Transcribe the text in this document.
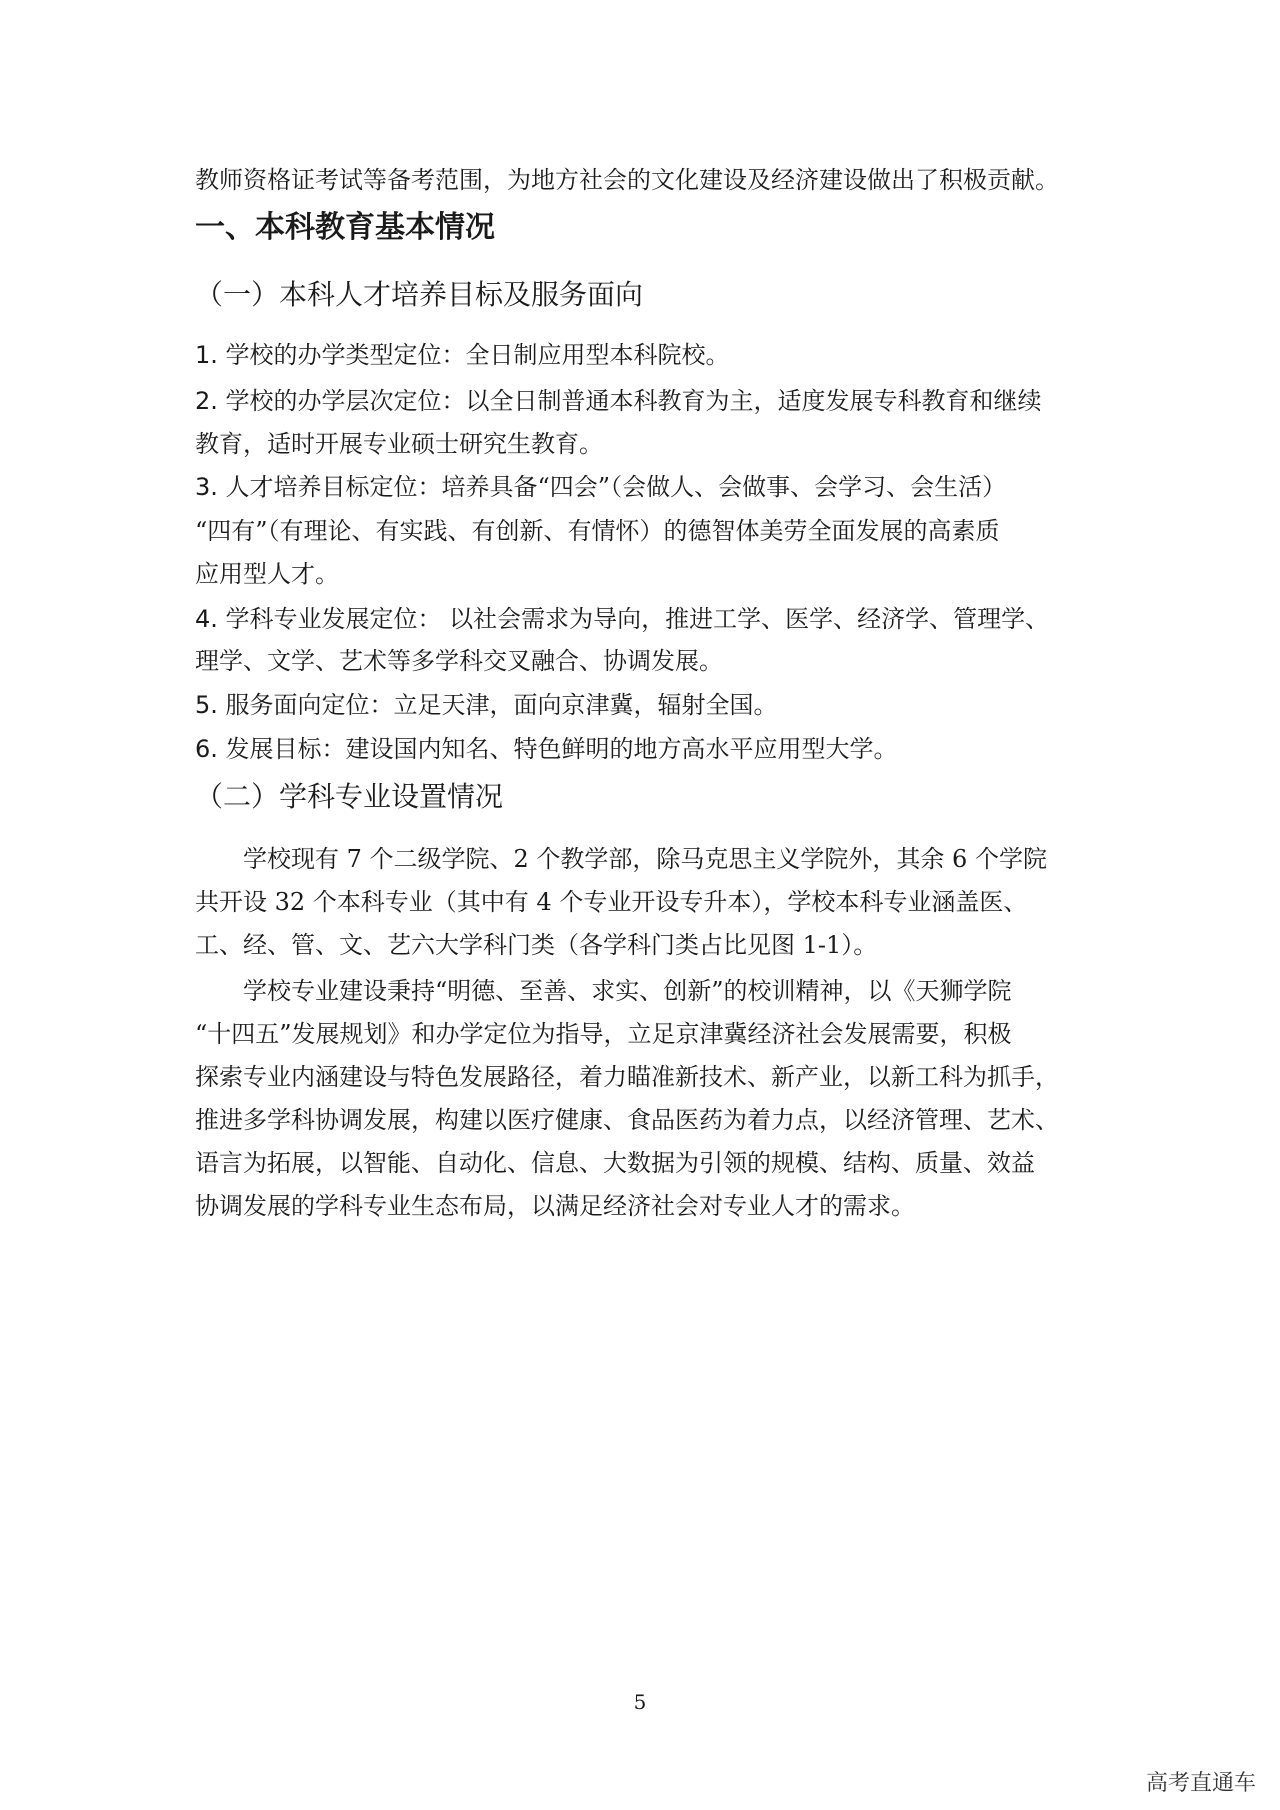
教师资格证考试等备考范围，为地方社会的文化建设及经济建设做出了积极贡献。
一、本科教育基本情况
（一）本科人才培养目标及服务面向
1. 学校的办学类型定位：全日制应用型本科院校。
2. 学校的办学层次定位：以全日制普通本科教育为主，适度发展专科教育和继续
教育，适时开展专业硕士研究生教育。
3. 人才培养目标定位：培养具备“四会”（会做人、会做事、会学习、会生活）
“四有”（有理论、有实践、有创新、有情怀）的德智体美劳全面发展的高素质
应用型人才。
4. 学科专业发展定位： 以社会需求为导向，推进工学、医学、经济学、管理学、
理学、文学、艺术等多学科交叉融合、协调发展。
5. 服务面向定位：立足天津，面向京津冀，辐射全国。
6. 发展目标：建设国内知名、特色鲜明的地方高水平应用型大学。
（二）学科专业设置情况
学校现有 7 个二级学院、2 个教学部，除马克思主义学院外，其余 6 个学院
共开设 32 个本科专业（其中有 4 个专业开设专升本），学校本科专业涵盖医、
工、经、管、文、艺六大学科门类（各学科门类占比见图 1-1）。
学校专业建设秉持“明德、至善、求实、创新”的校训精神，以《天狮学院
“十四五”发展规划》和办学定位为指导，立足京津冀经济社会发展需要，积极
探索专业内涵建设与特色发展路径，着力瞄准新技术、新产业，以新工科为抓手，
推进多学科协调发展，构建以医疗健康、食品医药为着力点，以经济管理、艺术、
语言为拓展，以智能、自动化、信息、大数据为引领的规模、结构、质量、效益
协调发展的学科专业生态布局，以满足经济社会对专业人才的需求。
5
高考直通车
